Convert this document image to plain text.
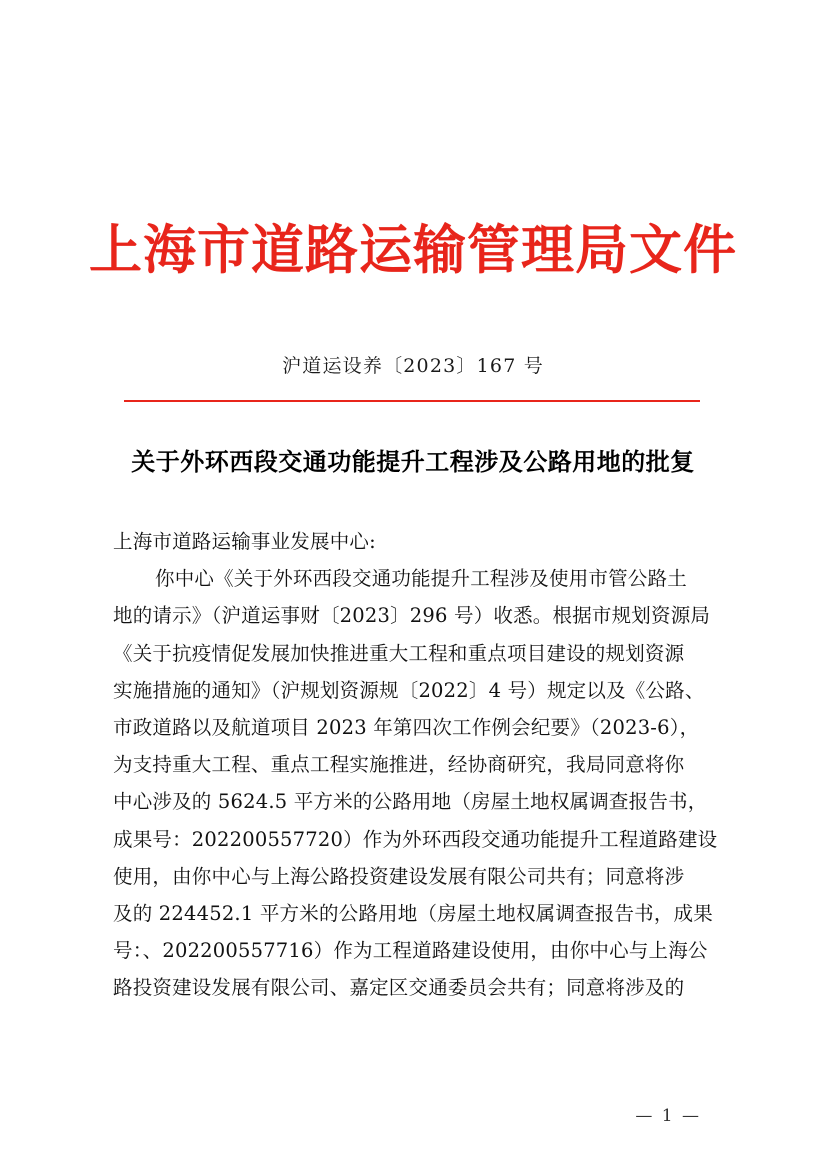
上海市道路运输管理局文件
沪道运设养〔2023〕167 号
关于外环西段交通功能提升工程涉及公路用地的批复
上海市道路运输事业发展中心:
你中心《关于外环西段交通功能提升工程涉及使用市管公路土
地的请示》（沪道运事财〔2023〕296 号）收悉。根据市规划资源局
《关于抗疫情促发展加快推进重大工程和重点项目建设的规划资源
实施措施的通知》（沪规划资源规〔2022〕4 号）规定以及《公路、
市政道路以及航道项目 2023 年第四次工作例会纪要》（2023-6），
为支持重大工程、重点工程实施推进，经协商研究，我局同意将你
中心涉及的 5624.5 平方米的公路用地（房屋土地权属调查报告书，
成果号：202200557720）作为外环西段交通功能提升工程道路建设
使用，由你中心与上海公路投资建设发展有限公司共有；同意将涉
及的 224452.1 平方米的公路用地（房屋土地权属调查报告书，成果
号：、202200557716）作为工程道路建设使用，由你中心与上海公
路投资建设发展有限公司、嘉定区交通委员会共有；同意将涉及的
— 1 —
